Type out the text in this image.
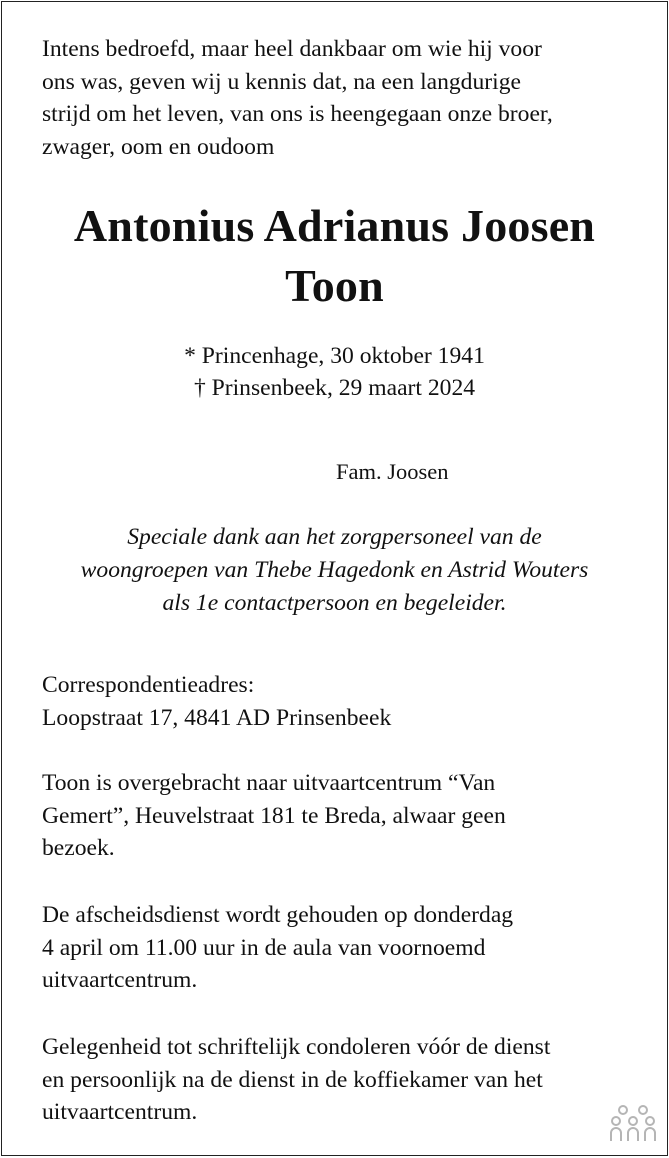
Intens bedroefd, maar heel dankbaar om wie hij voor
ons was, geven wij u kennis dat, na een langdurige
strijd om het leven, van ons is heengegaan onze broer,
zwager, oom en oudoom

Antonius Adrianus Joosen
Toon
* Princenhage, 30 oktober 1941
† Prinsenbeek, 29 maart 2024

Fam. Joosen

Speciale dank aan het zorgpersoneel van de
woongroepen van Thebe Hagedonk en Astrid Wouters
als 1e contactpersoon en begeleider.

Correspondentieadres:
Loopstraat 17, 4841 AD Prinsenbeek

Toon is overgebracht naar uitvaartcentrum “Van
Gemert”, Heuvelstraat 181 te Breda, alwaar geen
bezoek.

De afscheidsdienst wordt gehouden op donderdag
4 april om 11.00 uur in de aula van voornoemd
uitvaartcentrum.

Gelegenheid tot schriftelijk condoleren vóór de dienst
en persoonlijk na de dienst in de koffiekamer van het
uitvaartcentrum.
